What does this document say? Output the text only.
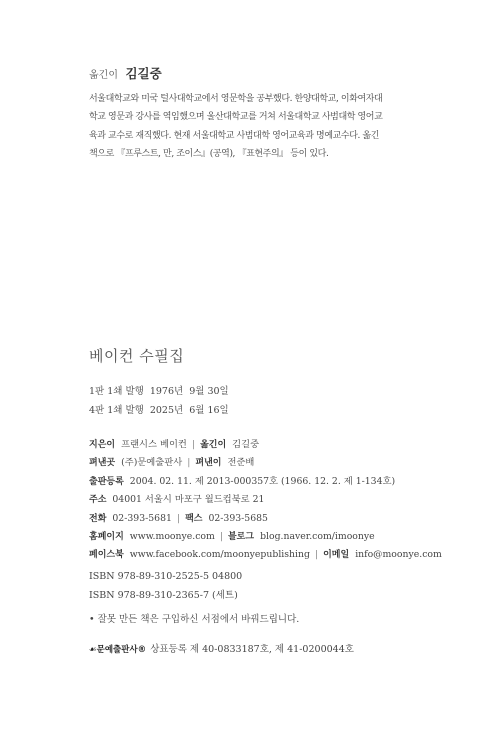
옮긴이 김길중
서울대학교와 미국 털사대학교에서 영문학을 공부했다. 한양대학교, 이화여자대
학교 영문과 강사를 역임했으며 울산대학교를 거쳐 서울대학교 사범대학 영어교
육과 교수로 재직했다. 현재 서울대학교 사범대학 영어교육과 명예교수다. 옮긴
책으로 『프루스트, 만, 조이스』(공역), 『표현주의』 등이 있다.
베이컨 수필집
1판 1쇄 발행 1976년 9월 30일
4판 1쇄 발행 2025년 6월 16일
지은이 프랜시스 베이컨 | 옮긴이 김길중
펴낸곳 (주)문예출판사 | 펴낸이 전준배
출판등록 2004. 02. 11. 제 2013-000357호 (1966. 12. 2. 제 1-134호)
주소 04001 서울시 마포구 월드컵북로 21
전화 02-393-5681 | 팩스 02-393-5685
홈페이지 www.moonye.com | 블로그 blog.naver.com/imoonye
페이스북 www.facebook.com/moonyepublishing | 이메일 info@moonye.com
ISBN 978-89-310-2525-5 04800
ISBN 978-89-310-2365-7 (세트)
• 잘못 만든 책은 구입하신 서점에서 바꿔드립니다.
☙문예출판사® 상표등록 제 40-0833187호, 제 41-0200044호
